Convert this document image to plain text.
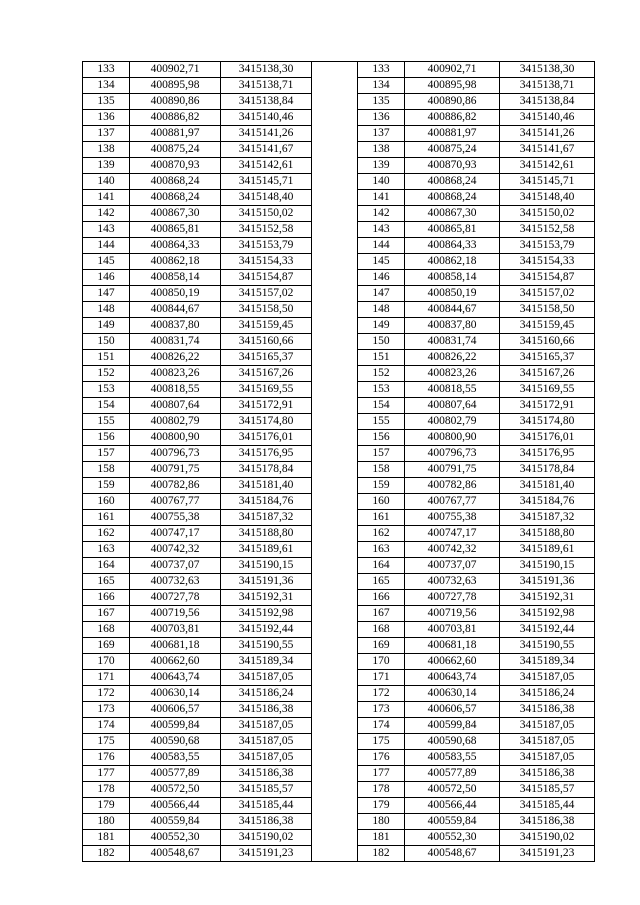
133	400902,71	3415138,30		133	400902,71	3415138,30
134	400895,98	3415138,71		134	400895,98	3415138,71
135	400890,86	3415138,84		135	400890,86	3415138,84
136	400886,82	3415140,46		136	400886,82	3415140,46
137	400881,97	3415141,26		137	400881,97	3415141,26
138	400875,24	3415141,67		138	400875,24	3415141,67
139	400870,93	3415142,61		139	400870,93	3415142,61
140	400868,24	3415145,71		140	400868,24	3415145,71
141	400868,24	3415148,40		141	400868,24	3415148,40
142	400867,30	3415150,02		142	400867,30	3415150,02
143	400865,81	3415152,58		143	400865,81	3415152,58
144	400864,33	3415153,79		144	400864,33	3415153,79
145	400862,18	3415154,33		145	400862,18	3415154,33
146	400858,14	3415154,87		146	400858,14	3415154,87
147	400850,19	3415157,02		147	400850,19	3415157,02
148	400844,67	3415158,50		148	400844,67	3415158,50
149	400837,80	3415159,45		149	400837,80	3415159,45
150	400831,74	3415160,66		150	400831,74	3415160,66
151	400826,22	3415165,37		151	400826,22	3415165,37
152	400823,26	3415167,26		152	400823,26	3415167,26
153	400818,55	3415169,55		153	400818,55	3415169,55
154	400807,64	3415172,91		154	400807,64	3415172,91
155	400802,79	3415174,80		155	400802,79	3415174,80
156	400800,90	3415176,01		156	400800,90	3415176,01
157	400796,73	3415176,95		157	400796,73	3415176,95
158	400791,75	3415178,84		158	400791,75	3415178,84
159	400782,86	3415181,40		159	400782,86	3415181,40
160	400767,77	3415184,76		160	400767,77	3415184,76
161	400755,38	3415187,32		161	400755,38	3415187,32
162	400747,17	3415188,80		162	400747,17	3415188,80
163	400742,32	3415189,61		163	400742,32	3415189,61
164	400737,07	3415190,15		164	400737,07	3415190,15
165	400732,63	3415191,36		165	400732,63	3415191,36
166	400727,78	3415192,31		166	400727,78	3415192,31
167	400719,56	3415192,98		167	400719,56	3415192,98
168	400703,81	3415192,44		168	400703,81	3415192,44
169	400681,18	3415190,55		169	400681,18	3415190,55
170	400662,60	3415189,34		170	400662,60	3415189,34
171	400643,74	3415187,05		171	400643,74	3415187,05
172	400630,14	3415186,24		172	400630,14	3415186,24
173	400606,57	3415186,38		173	400606,57	3415186,38
174	400599,84	3415187,05		174	400599,84	3415187,05
175	400590,68	3415187,05		175	400590,68	3415187,05
176	400583,55	3415187,05		176	400583,55	3415187,05
177	400577,89	3415186,38		177	400577,89	3415186,38
178	400572,50	3415185,57		178	400572,50	3415185,57
179	400566,44	3415185,44		179	400566,44	3415185,44
180	400559,84	3415186,38		180	400559,84	3415186,38
181	400552,30	3415190,02		181	400552,30	3415190,02
182	400548,67	3415191,23		182	400548,67	3415191,23
